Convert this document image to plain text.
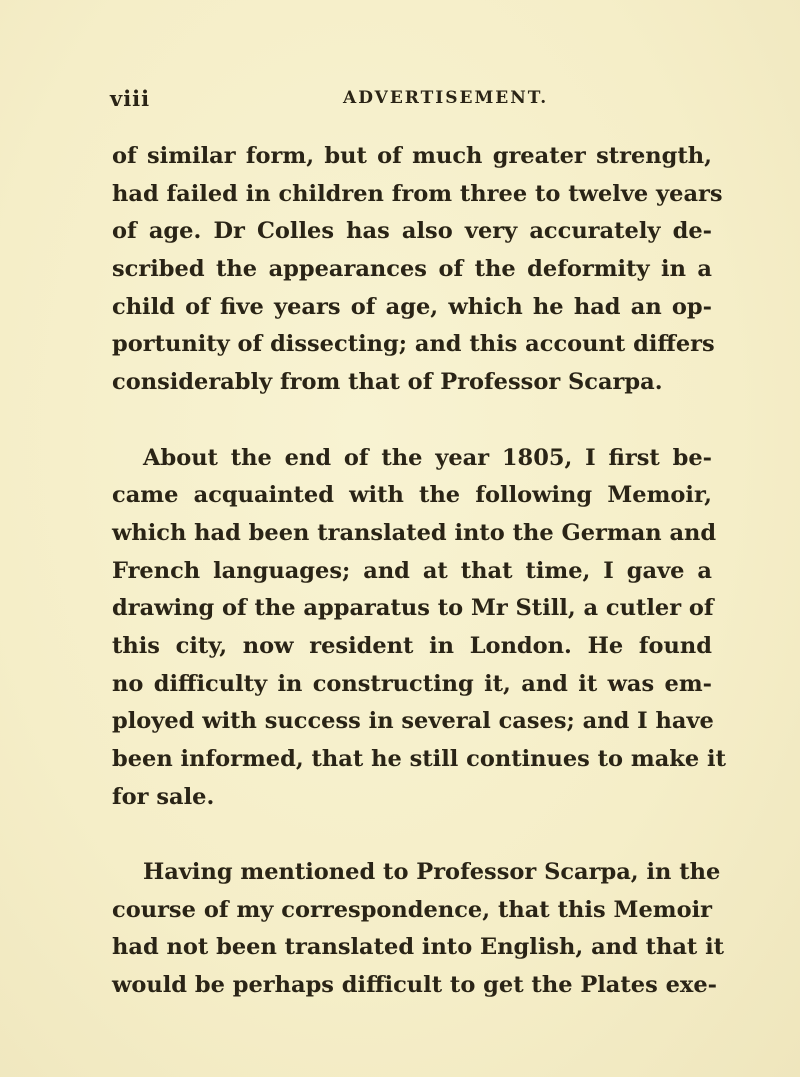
viii	ADVERTISEMENT.
of similar form, but of much greater strength,
had failed in children from three to twelve years
of age. Dr Colles has also very accurately de-
scribed the appearances of the deformity in a
child of five years of age, which he had an op-
portunity of dissecting; and this account differs
considerably from that of Professor Scarpa.
About the end of the year 1805, I first be-
came acquainted with the following Memoir,
which had been translated into the German and
French languages; and at that time, I gave a
drawing of the apparatus to Mr Still, a cutler of
this city, now resident in London. He found
no difficulty in constructing it, and it was em-
ployed with success in several cases; and I have
been informed, that he still continues to make it
for sale.
Having mentioned to Professor Scarpa, in the
course of my correspondence, that this Memoir
had not been translated into English, and that it
would be perhaps difficult to get the Plates exe-
